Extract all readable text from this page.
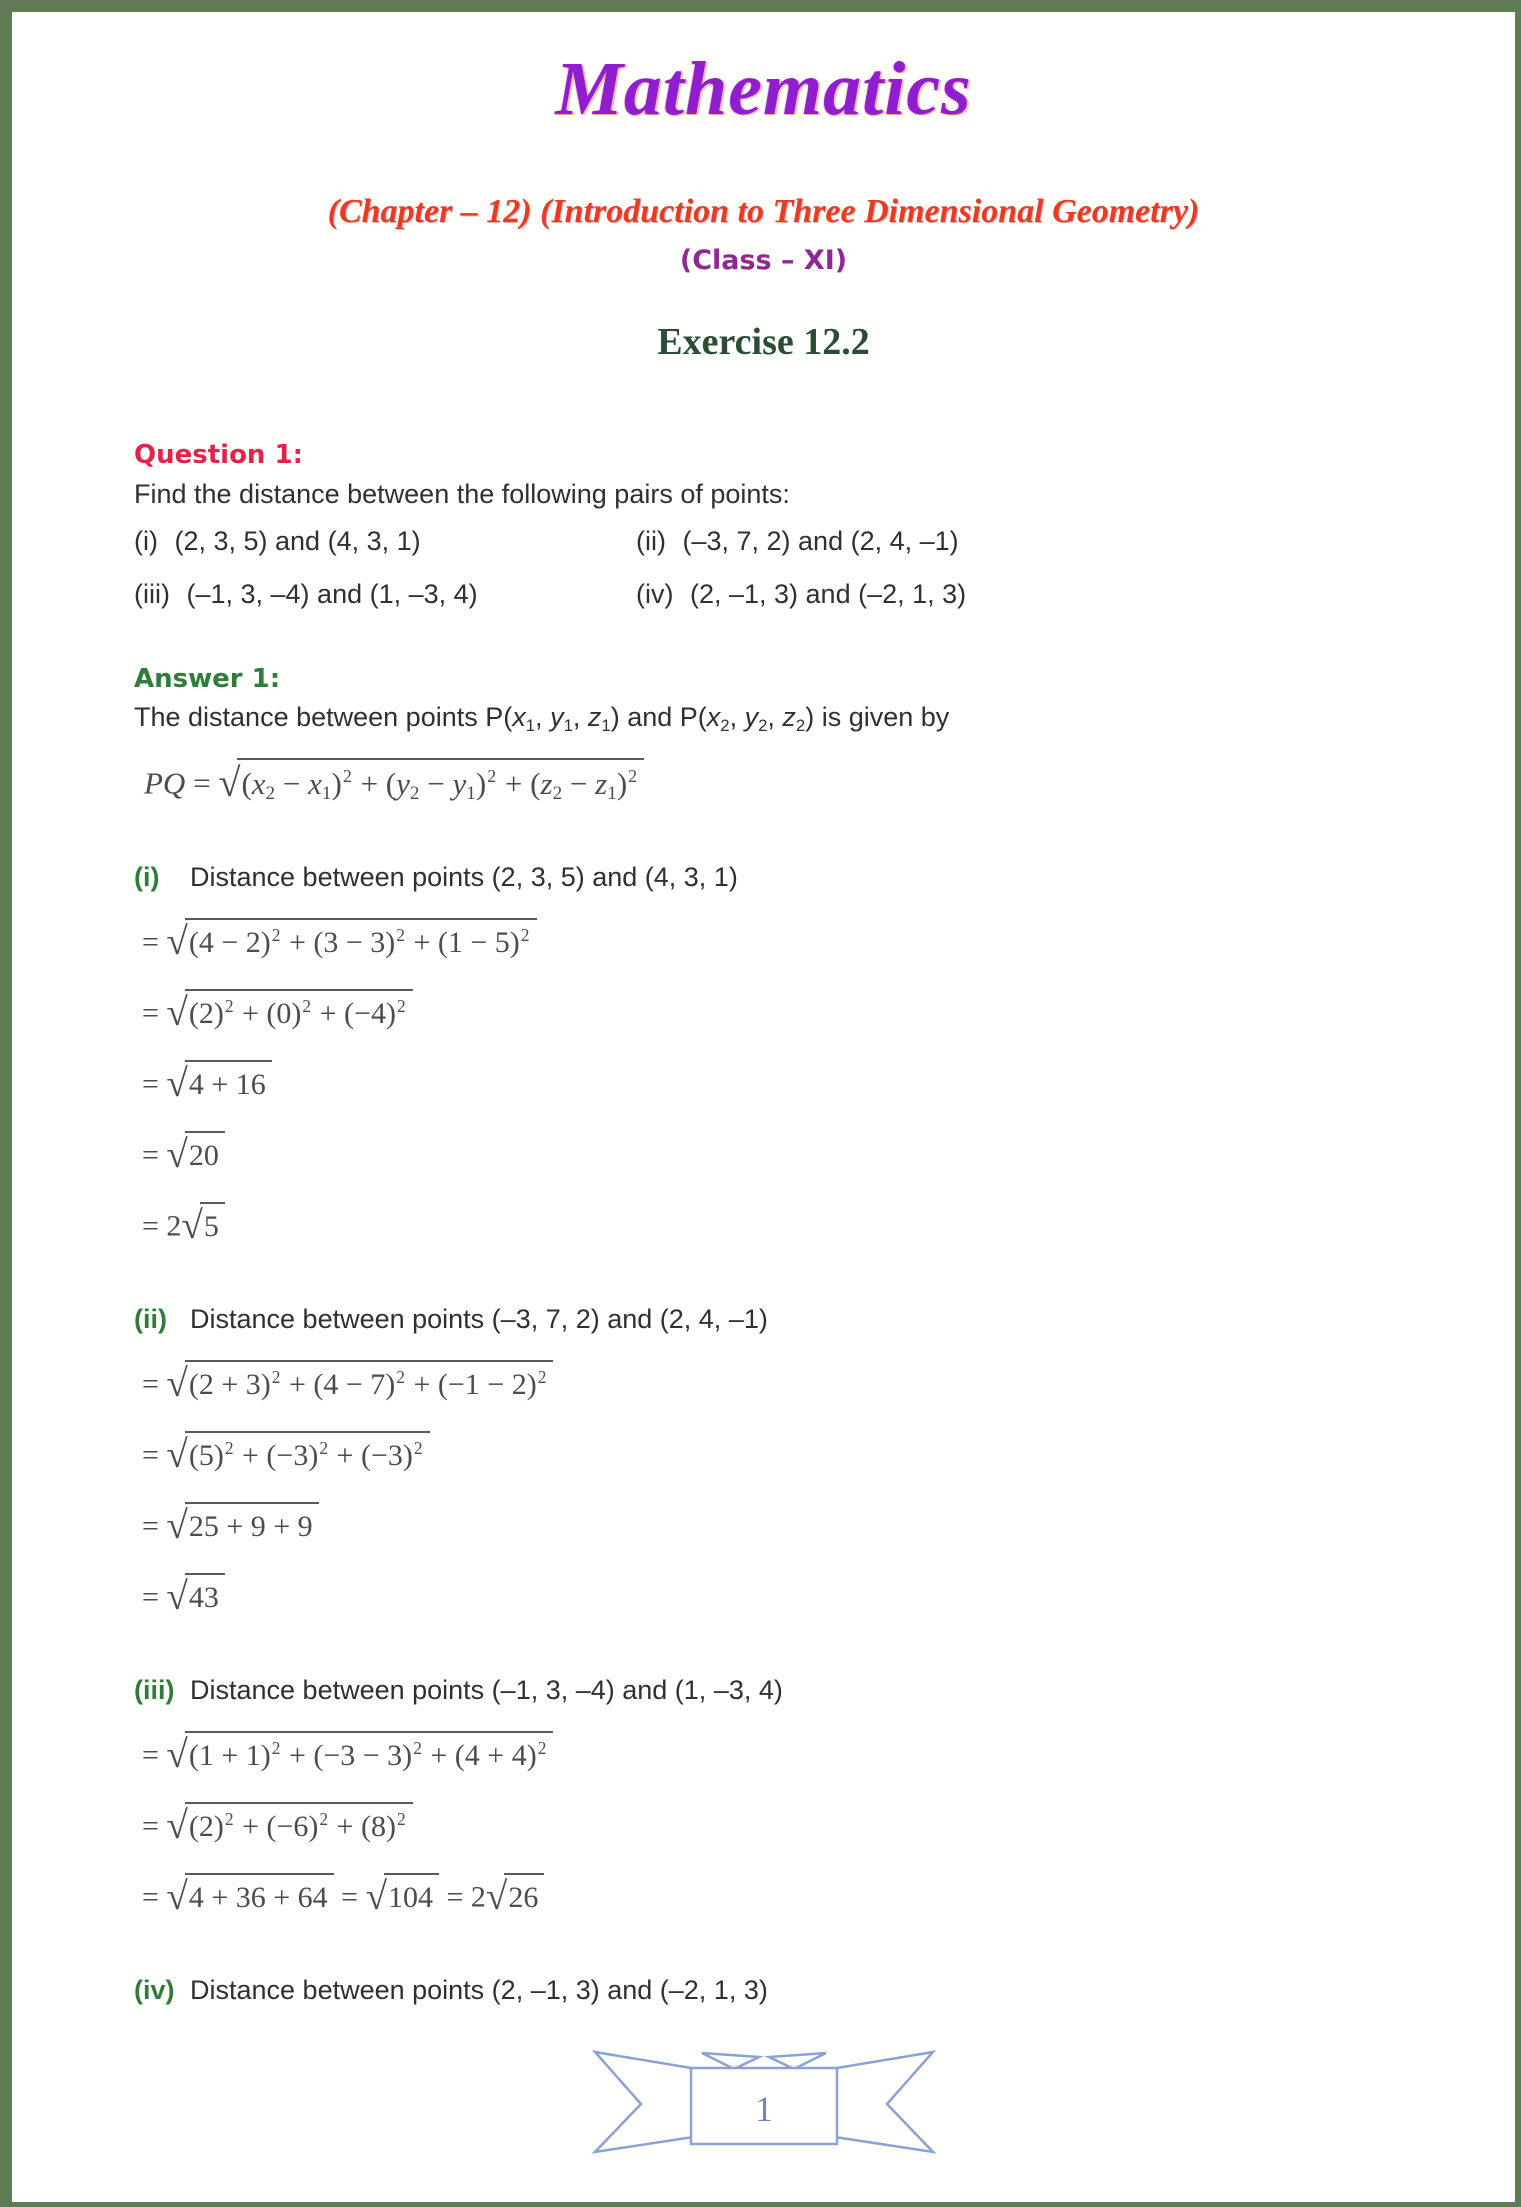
Mathematics
(Chapter – 12) (Introduction to Three Dimensional Geometry)
(Class – XI)
Exercise 12.2
Question 1:
Find the distance between the following pairs of points:
(i) (2, 3, 5) and (4, 3, 1)	(ii) (–3, 7, 2) and (2, 4, –1)
(iii) (–1, 3, –4) and (1, –3, 4)	(iv) (2, –1, 3) and (–2, 1, 3)
Answer 1:
The distance between points $P(x_1$, $y_1$, $z_1$) and $P(x_2$, $y_2$, $z_2$) is given by
PQ = $√(x_2 - x_1)^2 + (y_2 - y_1)^2 + (z_2 - z_1)^2$
(i) Distance between points (2, 3, 5) and (4, 3, 1)
= $√(4 - 2)^2 + (3 - 3)^2 + (1 - 5)^2$
= $√(2)^2 + (0)^2 + (-4)^2$
= √4 + 16
= √20
= 2√5
(ii) Distance between points (–3, 7, 2) and (2, 4, –1)
= $√(2 + 3)^2 + (4 - 7)^2 + (-1 - 2)^2$
= $√(5)^2 + (-3)^2 + (-3)^2$
= √25 + 9 + 9
= √43
(iii) Distance between points (–1, 3, –4) and (1, –3, 4)
= $√(1 + 1)^2 + (-3 - 3)^2 + (4 + 4)^2$
= $√(2)^2 + (-6)^2 + (8)^2$
= √4 + 36 + 64 = √104 = 2√26
(iv) Distance between points (2, –1, 3) and (–2, 1, 3)
1
